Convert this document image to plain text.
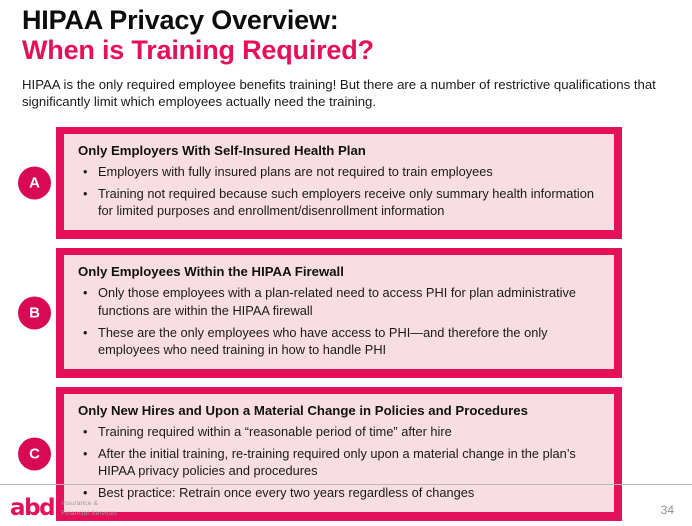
HIPAA Privacy Overview:
When is Training Required?
HIPAA is the only required employee benefits training! But there are a number of restrictive qualifications that significantly limit which employees actually need the training.
A
Only Employers With Self-Insured Health Plan
• Employers with fully insured plans are not required to train employees
• Training not required because such employers receive only summary health information for limited purposes and enrollment/disenrollment information
B
Only Employees Within the HIPAA Firewall
• Only those employees with a plan-related need to access PHI for plan administrative functions are within the HIPAA firewall
• These are the only employees who have access to PHI—and therefore the only employees who need training in how to handle PHI
C
Only New Hires and Upon a Material Change in Policies and Procedures
• Training required within a “reasonable period of time” after hire
• After the initial training, re-training required only upon a material change in the plan’s HIPAA privacy policies and procedures
• Best practice: Retrain once every two years regardless of changes
abd Insurance &
Financial Services	34
